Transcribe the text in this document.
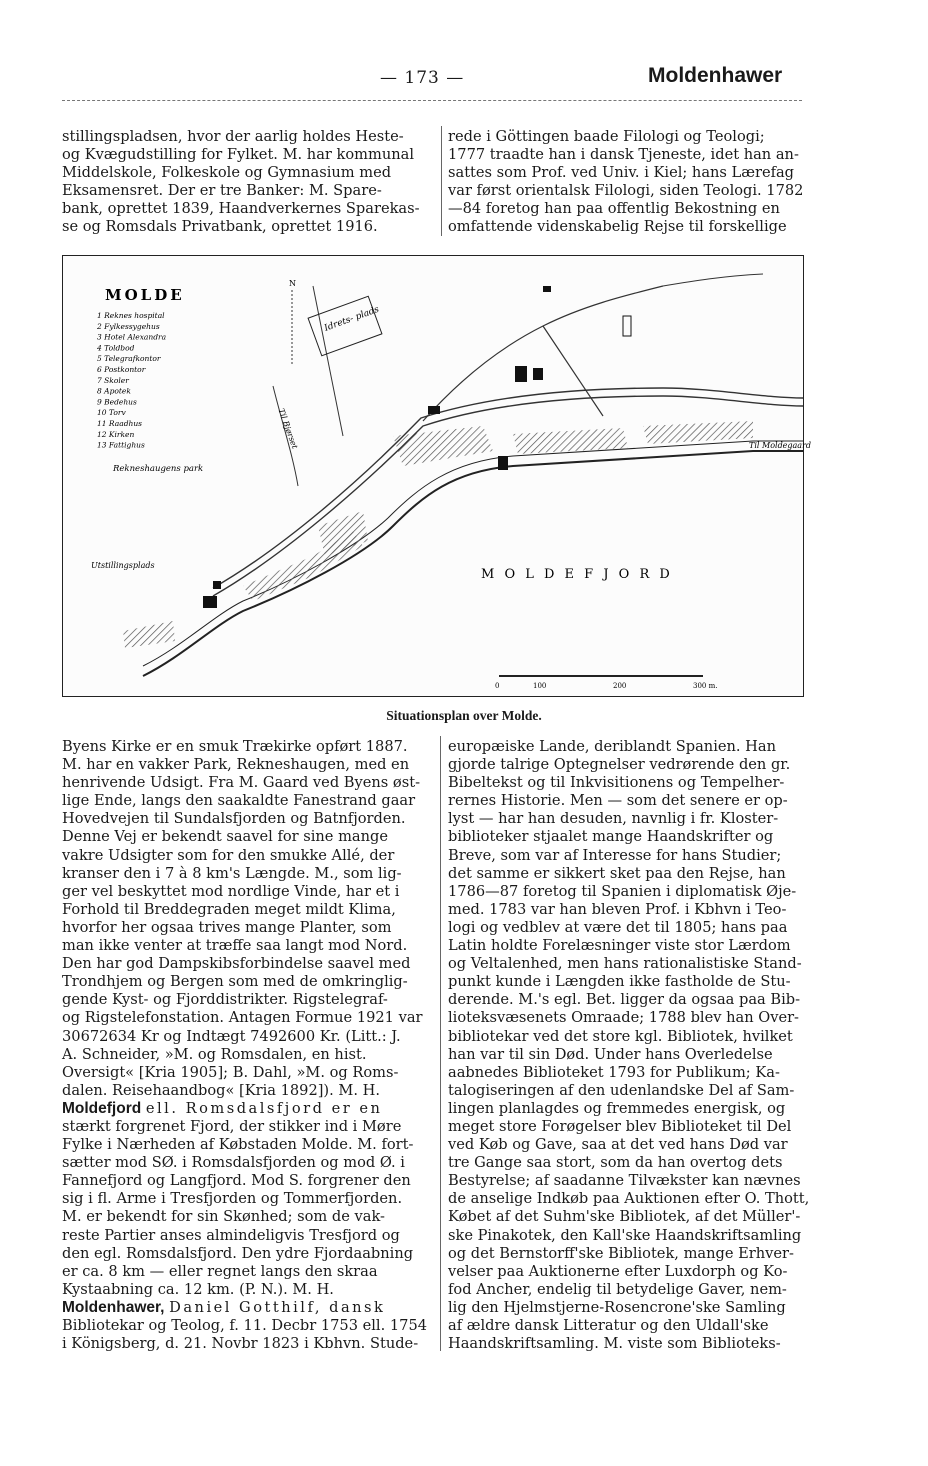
— 173 —	Moldenhawer
stillingspladsen, hvor der aarlig holdes Heste-
og Kvægudstilling for Fylket. M. har kommunal
Middelskole, Folkeskole og Gymnasium med
Eksamensret. Der er tre Banker: M. Spare-
bank, oprettet 1839, Haandverkernes Sparekas-
se og Romsdals Privatbank, oprettet 1916.
rede i Göttingen baade Filologi og Teologi;
1777 traadte han i dansk Tjeneste, idet han an-
sattes som Prof. ved Univ. i Kiel; hans Lærefag
var først orientalsk Filologi, siden Teologi. 1782
—84 foretog han paa offentlig Bekostning en
omfattende videnskabelig Rejse til forskellige
Idrets- plads
MOLDE
1 Reknes hospital
2 Fylkessygehus
3 Hotel Alexandra
4 Toldbod
5 Telegrafkontor
6 Postkontor
7 Skoler
8 Apotek
9 Bedehus
10 Torv
11 Raadhus
12 Kirken
13 Fattighus
Rekneshaugens park
N
Til Bjørset	Til Moldegaard
Utstillingsplads
M O L D E F J O R D
0	100	200	300 m.
Situationsplan over Molde.
Byens Kirke er en smuk Trækirke opført 1887.
M. har en vakker Park, Rekneshaugen, med en
henrivende Udsigt. Fra M. Gaard ved Byens øst-
lige Ende, langs den saakaldte Fanestrand gaar
Hovedvejen til Sundalsfjorden og Batnfjorden.
Denne Vej er bekendt saavel for sine mange
vakre Udsigter som for den smukke Allé, der
kranser den i 7 à 8 km's Længde. M., som lig-
ger vel beskyttet mod nordlige Vinde, har et i
Forhold til Breddegraden meget mildt Klima,
hvorfor her ogsaa trives mange Planter, som
man ikke venter at træffe saa langt mod Nord.
Den har god Dampskibsforbindelse saavel med
Trondhjem og Bergen som med de omkringlig-
gende Kyst- og Fjorddistrikter. Rigstelegraf-
og Rigstelefonstation. Antagen Formue 1921 var
30672634 Kr og Indtægt 7492600 Kr. (Litt.: J.
A. Schneider, »M. og Romsdalen, en hist.
Oversigt« [Kria 1905]; B. Dahl, »M. og Roms-
dalen. Reisehaandbog« [Kria 1892]). M. H.
Moldefjord ell. Romsdalsfjord er en
stærkt forgrenet Fjord, der stikker ind i Møre
Fylke i Nærheden af Købstaden Molde. M. fort-
sætter mod SØ. i Romsdalsfjorden og mod Ø. i
Fannefjord og Langfjord. Mod S. forgrener den
sig i fl. Arme i Tresfjorden og Tommerfjorden.
M. er bekendt for sin Skønhed; som de vak-
reste Partier anses almindeligvis Tresfjord og
den egl. Romsdalsfjord. Den ydre Fjordaabning
er ca. 8 km — eller regnet langs den skraa
Kystaabning ca. 12 km. (P. N.). M. H.
Moldenhawer, Daniel Gotthilf, dansk
Bibliotekar og Teolog, f. 11. Decbr 1753 ell. 1754
i Königsberg, d. 21. Novbr 1823 i Kbhvn. Stude-
europæiske Lande, deriblandt Spanien. Han
gjorde talrige Optegnelser vedrørende den gr.
Bibeltekst og til Inkvisitionens og Tempelher-
rernes Historie. Men — som det senere er op-
lyst — har han desuden, navnlig i fr. Kloster-
biblioteker stjaalet mange Haandskrifter og
Breve, som var af Interesse for hans Studier;
det samme er sikkert sket paa den Rejse, han
1786—87 foretog til Spanien i diplomatisk Øje-
med. 1783 var han bleven Prof. i Kbhvn i Teo-
logi og vedblev at være det til 1805; hans paa
Latin holdte Forelæsninger viste stor Lærdom
og Veltalenhed, men hans rationalistiske Stand-
punkt kunde i Længden ikke fastholde de Stu-
derende. M.'s egl. Bet. ligger da ogsaa paa Bib-
lioteksvæsenets Omraade; 1788 blev han Over-
bibliotekar ved det store kgl. Bibliotek, hvilket
han var til sin Død. Under hans Overledelse
aabnedes Biblioteket 1793 for Publikum; Ka-
talogiseringen af den udenlandske Del af Sam-
lingen planlagdes og fremmedes energisk, og
meget store Forøgelser blev Biblioteket til Del
ved Køb og Gave, saa at det ved hans Død var
tre Gange saa stort, som da han overtog dets
Bestyrelse; af saadanne Tilvækster kan nævnes
de anselige Indkøb paa Auktionen efter O. Thott,
Købet af det Suhm'ske Bibliotek, af det Müller'-
ske Pinakotek, den Kall'ske Haandskriftsamling
og det Bernstorff'ske Bibliotek, mange Erhver-
velser paa Auktionerne efter Luxdorph og Ko-
fod Ancher, endelig til betydelige Gaver, nem-
lig den Hjelmstjerne-Rosencrone'ske Samling
af ældre dansk Litteratur og den Uldall'ske
Haandskriftsamling. M. viste som Biblioteks-
